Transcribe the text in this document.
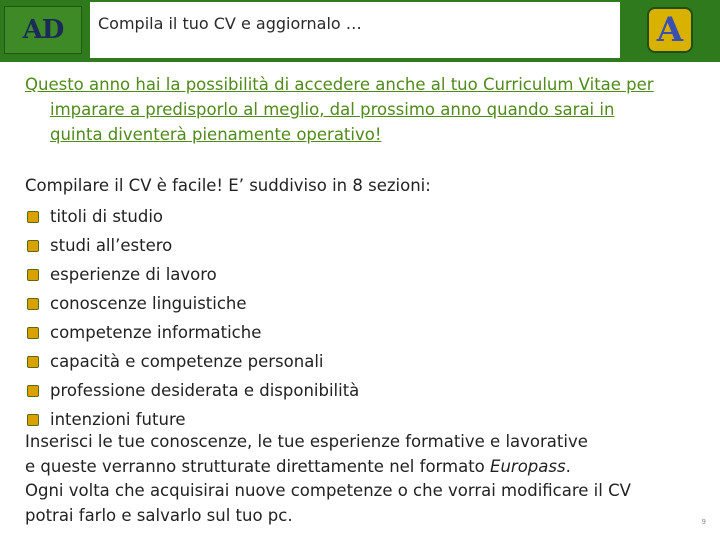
AD Compila il tuo CV e aggiornalo …	A
Questo anno hai la possibilità di accedere anche al tuo Curriculum Vitae per
imparare a predisporlo al meglio, dal prossimo anno quando sarai in
quinta diventerà pienamente operativo!
Compilare il CV è facile! E’ suddiviso in 8 sezioni:
titoli di studio
studi all’estero
esperienze di lavoro
conoscenze linguistiche
competenze informatiche
capacità e competenze personali
professione desiderata e disponibilità
intenzioni future
Inserisci le tue conoscenze, le tue esperienze formative e lavorative
e queste verranno strutturate direttamente nel formato Europass.
Ogni volta che acquisirai nuove competenze o che vorrai modificare il CV
potrai farlo e salvarlo sul tuo pc.	9
